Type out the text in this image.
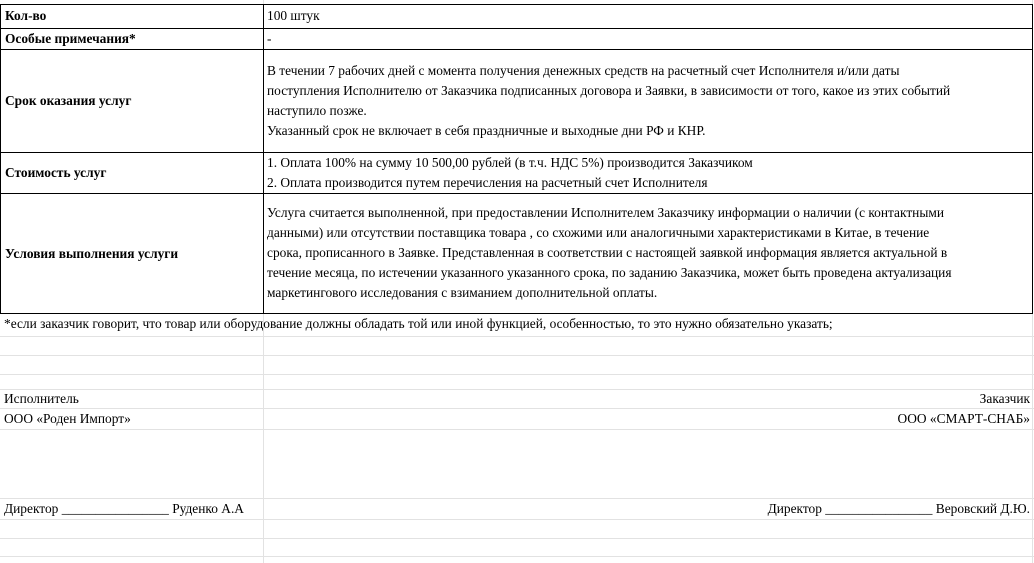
Кол-во	100 штук
Особые примечания*	-
Срок оказания услуг
В течении 7 рабочих дней с момента получения денежных средств на расчетный счет Исполнителя и/или даты
поступления Исполнителю от Заказчика подписанных договора и Заявки, в зависимости от того, какое из этих событий
наступило позже.
Указанный срок не включает в себя праздничные и выходные дни РФ и КНР.
Стоимость услуг
1. Оплата 100% на сумму 10 500,00 рублей (в т.ч. НДС 5%) производится Заказчиком
2. Оплата производится путем перечисления на расчетный счет Исполнителя
Условия выполнения услуги
Услуга считается выполненной, при предоставлении Исполнителем Заказчику информации о наличии (с контактными
данными) или отсутствии поставщика товара , со схожими или аналогичными характеристиками в Китае, в течение
срока, прописанного в Заявке. Представленная в соответствии с настоящей заявкой информация является актуальной в
течение месяца, по истечении указанного указанного срока, по заданию Заказчика, может быть проведена актуализация
маркетингового исследования с взиманием дополнительной оплаты.
*если заказчик говорит, что товар или оборудование должны обладать той или иной функцией, особенностью, то это нужно обязательно указать;
Исполнитель
ООО «Роден Импорт»
Директор ________________ Руденко А.А
Заказчик
ООО «СМАРТ-СНАБ»
Директор ________________ Веровский Д.Ю.
